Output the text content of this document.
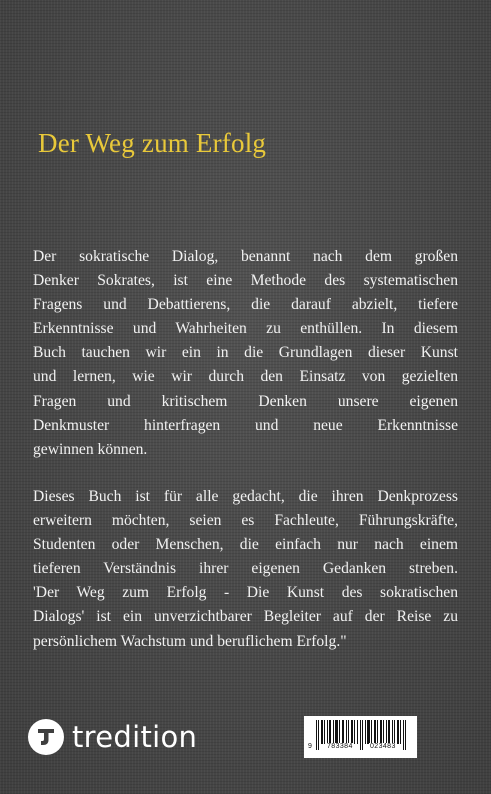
Der Weg zum Erfolg
Der sokratische Dialog, benannt nach dem großen
Denker Sokrates, ist eine Methode des systematischen
Fragens und Debattierens, die darauf abzielt, tiefere
Erkenntnisse und Wahrheiten zu enthüllen. In diesem
Buch tauchen wir ein in die Grundlagen dieser Kunst
und lernen, wie wir durch den Einsatz von gezielten
Fragen und kritischem Denken unsere eigenen
Denkmuster hinterfragen und neue Erkenntnisse
gewinnen können.
Dieses Buch ist für alle gedacht, die ihren Denkprozess
erweitern möchten, seien es Fachleute, Führungskräfte,
Studenten oder Menschen, die einfach nur nach einem
tieferen Verständnis ihrer eigenen Gedanken streben.
'Der Weg zum Erfolg - Die Kunst des sokratischen
Dialogs' ist ein unverzichtbarer Begleiter auf der Reise zu
persönlichem Wachstum und beruflichem Erfolg."
tredition	9 783384 023483
